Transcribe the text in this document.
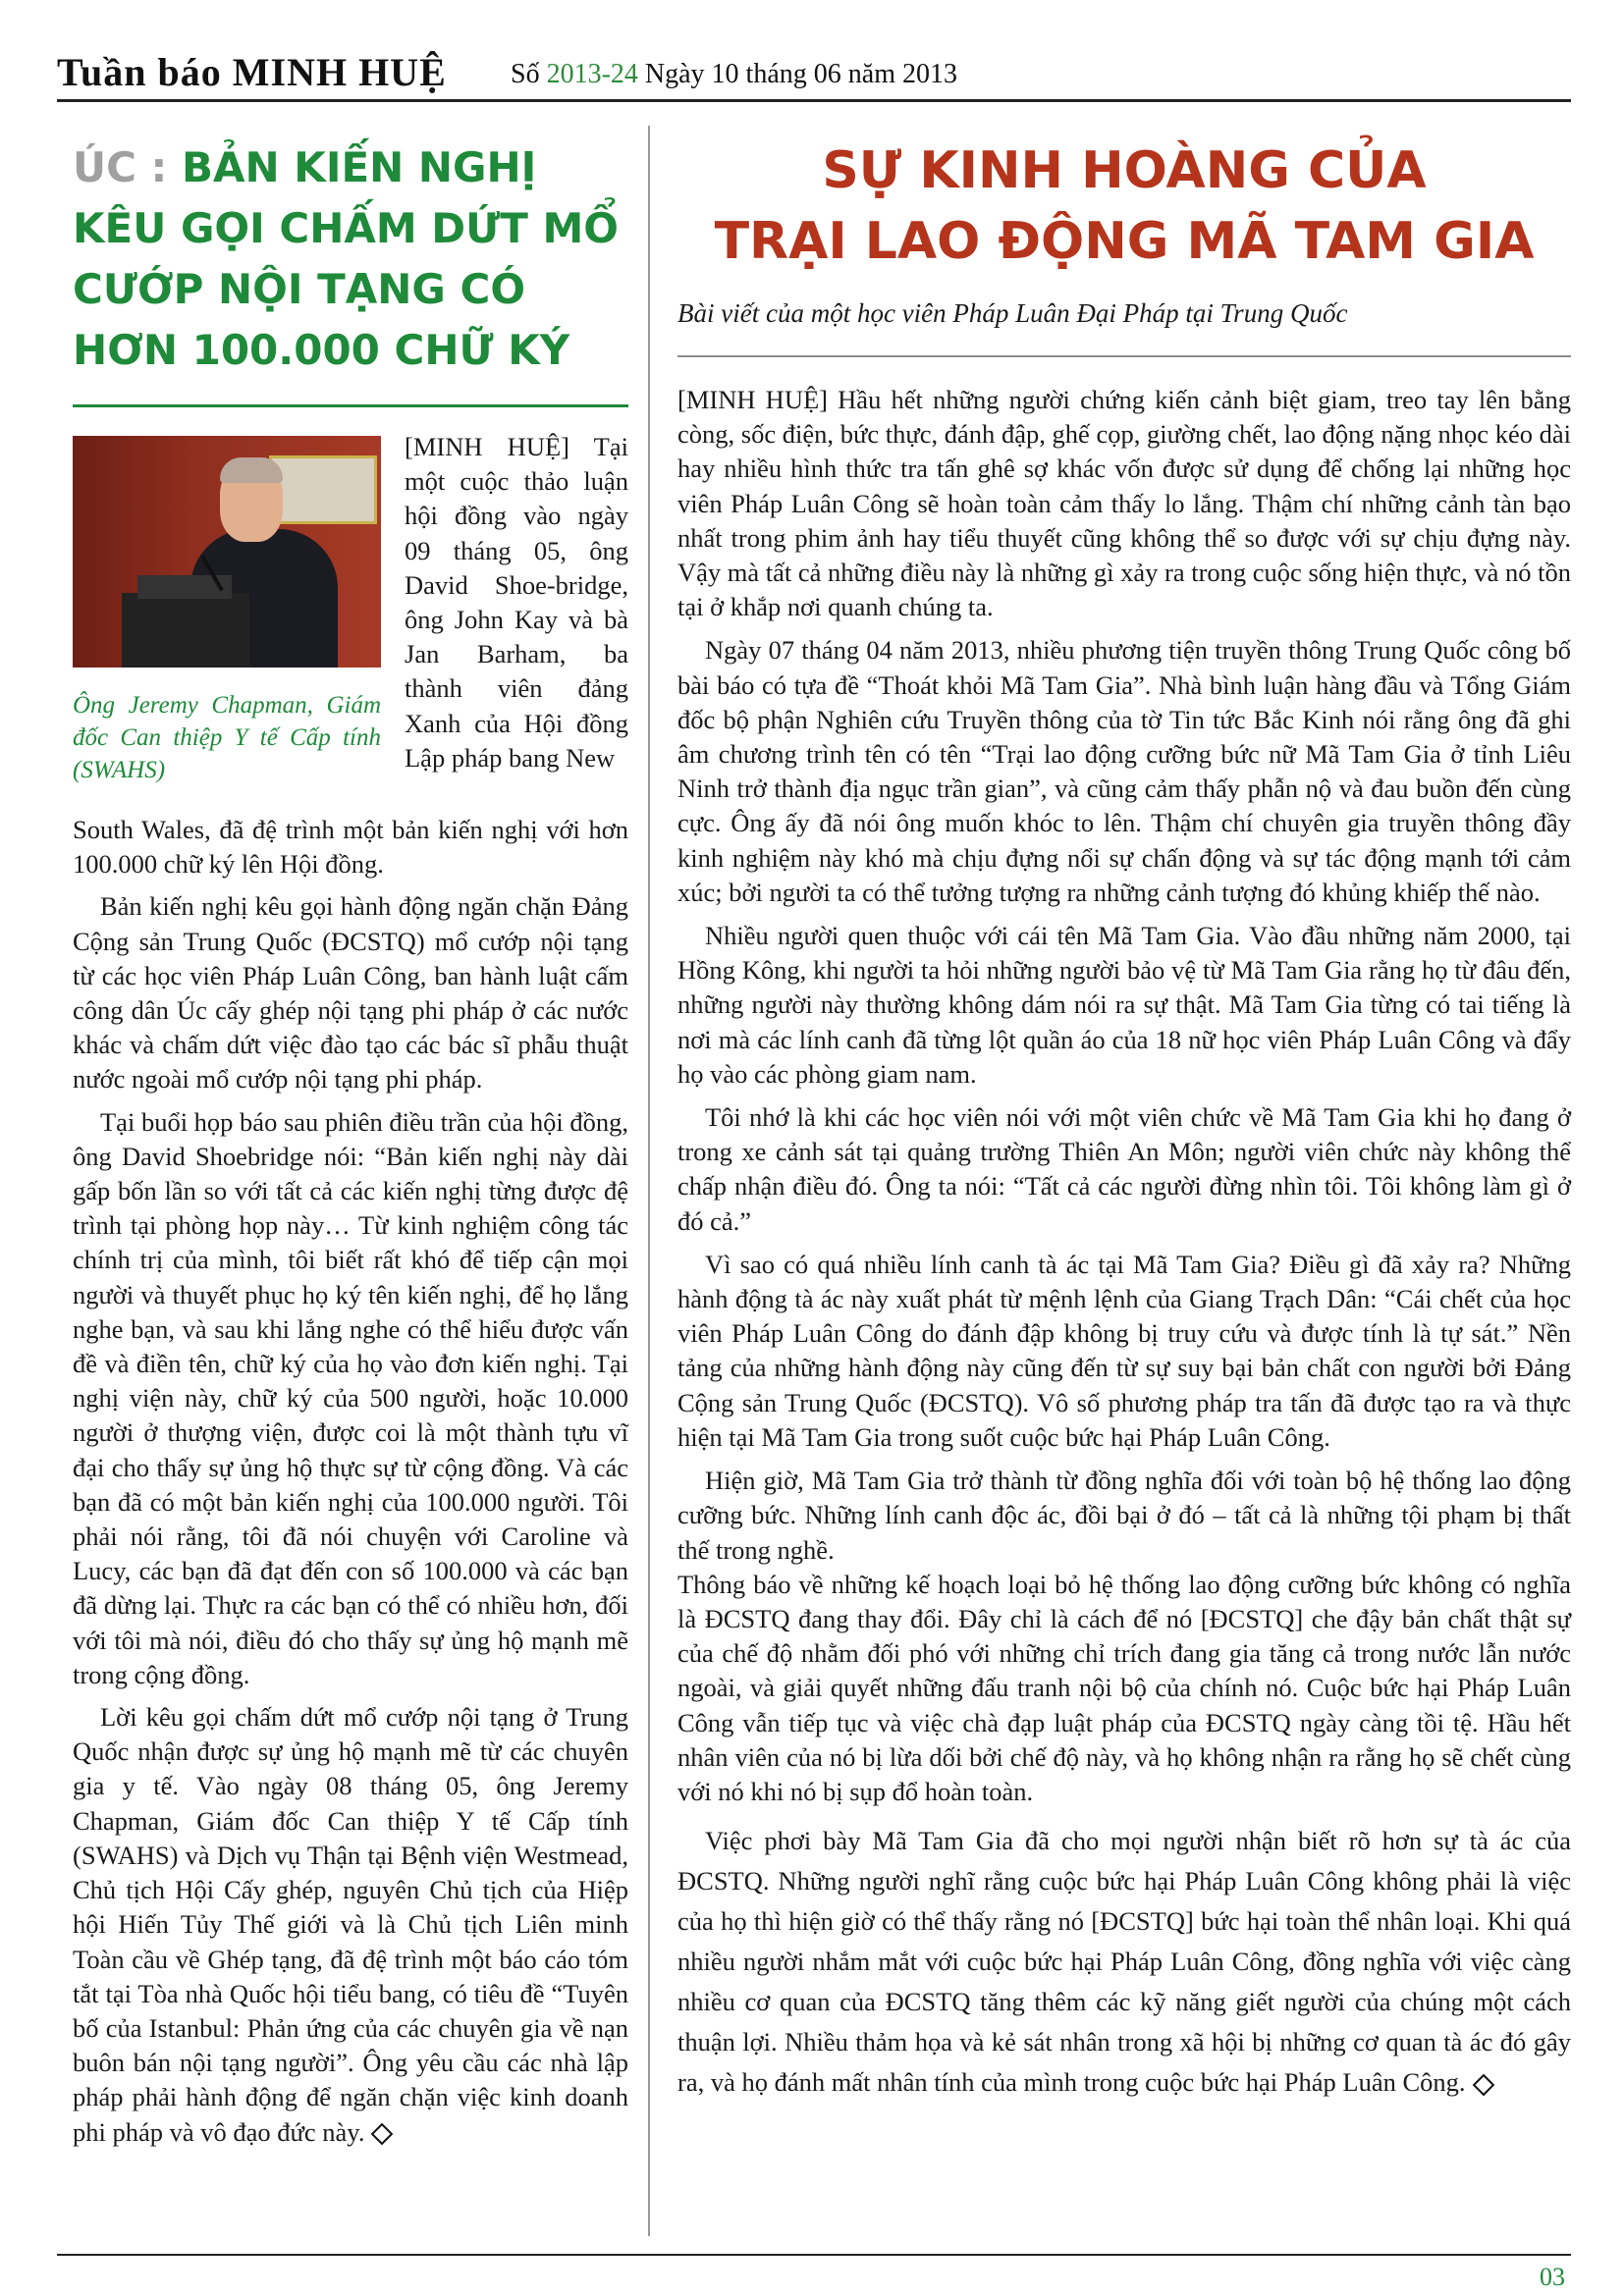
Tuần báo MINH HUỆ Số 2013-24 Ngày 10 tháng 06 năm 2013
ÚC : BẢN KIẾN NGHỊ KÊU GỌI CHẤM DỨT MỔ CƯỚP NỘI TẠNG CÓ HƠN 100.000 CHỮ KÝ
Ông Jeremy Chapman, Giám đốc Can thiệp Y tế Cấp tính (SWAHS)
[MINH HUỆ] Tại một cuộc thảo luận hội đồng vào ngày 09 tháng 05, ông David Shoe-bridge, ông John Kay và bà Jan Barham, ba thành viên đảng Xanh của Hội đồng Lập pháp bang New

South Wales, đã đệ trình một bản kiến nghị với hơn 100.000 chữ ký lên Hội đồng.

Bản kiến nghị kêu gọi hành động ngăn chặn Đảng Cộng sản Trung Quốc (ĐCSTQ) mổ cướp nội tạng từ các học viên Pháp Luân Công, ban hành luật cấm công dân Úc cấy ghép nội tạng phi pháp ở các nước khác và chấm dứt việc đào tạo các bác sĩ phẫu thuật nước ngoài mổ cướp nội tạng phi pháp.

Tại buổi họp báo sau phiên điều trần của hội đồng, ông David Shoebridge nói: “Bản kiến nghị này dài gấp bốn lần so với tất cả các kiến nghị từng được đệ trình tại phòng họp này… Từ kinh nghiệm công tác chính trị của mình, tôi biết rất khó để tiếp cận mọi người và thuyết phục họ ký tên kiến nghị, để họ lắng nghe bạn, và sau khi lắng nghe có thể hiểu được vấn đề và điền tên, chữ ký của họ vào đơn kiến nghị. Tại nghị viện này, chữ ký của 500 người, hoặc 10.000 người ở thượng viện, được coi là một thành tựu vĩ đại cho thấy sự ủng hộ thực sự từ cộng đồng. Và các bạn đã có một bản kiến nghị của 100.000 người. Tôi phải nói rằng, tôi đã nói chuyện với Caroline và Lucy, các bạn đã đạt đến con số 100.000 và các bạn đã dừng lại. Thực ra các bạn có thể có nhiều hơn, đối với tôi mà nói, điều đó cho thấy sự ủng hộ mạnh mẽ trong cộng đồng.

Lời kêu gọi chấm dứt mổ cướp nội tạng ở Trung Quốc nhận được sự ủng hộ mạnh mẽ từ các chuyên gia y tế. Vào ngày 08 tháng 05, ông Jeremy Chapman, Giám đốc Can thiệp Y tế Cấp tính (SWAHS) và Dịch vụ Thận tại Bệnh viện Westmead, Chủ tịch Hội Cấy ghép, nguyên Chủ tịch của Hiệp hội Hiến Tủy Thế giới và là Chủ tịch Liên minh Toàn cầu về Ghép tạng, đã đệ trình một báo cáo tóm tắt tại Tòa nhà Quốc hội tiểu bang, có tiêu đề “Tuyên bố của Istanbul: Phản ứng của các chuyên gia về nạn buôn bán nội tạng người”. Ông yêu cầu các nhà lập pháp phải hành động để ngăn chặn việc kinh doanh phi pháp và vô đạo đức này.

SỰ KINH HOÀNG CỦA
TRẠI LAO ĐỘNG MÃ TAM GIA
Bài viết của một học viên Pháp Luân Đại Pháp tại Trung Quốc

[MINH HUỆ] Hầu hết những người chứng kiến cảnh biệt giam, treo tay lên bằng còng, sốc điện, bức thực, đánh đập, ghế cọp, giường chết, lao động nặng nhọc kéo dài hay nhiều hình thức tra tấn ghê sợ khác vốn được sử dụng để chống lại những học viên Pháp Luân Công sẽ hoàn toàn cảm thấy lo lắng. Thậm chí những cảnh tàn bạo nhất trong phim ảnh hay tiểu thuyết cũng không thể so được với sự chịu đựng này. Vậy mà tất cả những điều này là những gì xảy ra trong cuộc sống hiện thực, và nó tồn tại ở khắp nơi quanh chúng ta.

Ngày 07 tháng 04 năm 2013, nhiều phương tiện truyền thông Trung Quốc công bố bài báo có tựa đề “Thoát khỏi Mã Tam Gia”. Nhà bình luận hàng đầu và Tổng Giám đốc bộ phận Nghiên cứu Truyền thông của tờ Tin tức Bắc Kinh nói rằng ông đã ghi âm chương trình tên có tên “Trại lao động cưỡng bức nữ Mã Tam Gia ở tỉnh Liêu Ninh trở thành địa ngục trần gian”, và cũng cảm thấy phẫn nộ và đau buồn đến cùng cực. Ông ấy đã nói ông muốn khóc to lên. Thậm chí chuyên gia truyền thông đầy kinh nghiệm này khó mà chịu đựng nổi sự chấn động và sự tác động mạnh tới cảm xúc; bởi người ta có thể tưởng tượng ra những cảnh tượng đó khủng khiếp thế nào.

Nhiều người quen thuộc với cái tên Mã Tam Gia. Vào đầu những năm 2000, tại Hồng Kông, khi người ta hỏi những người bảo vệ từ Mã Tam Gia rằng họ từ đâu đến, những người này thường không dám nói ra sự thật. Mã Tam Gia từng có tai tiếng là nơi mà các lính canh đã từng lột quần áo của 18 nữ học viên Pháp Luân Công và đẩy họ vào các phòng giam nam.

Tôi nhớ là khi các học viên nói với một viên chức về Mã Tam Gia khi họ đang ở trong xe cảnh sát tại quảng trường Thiên An Môn; người viên chức này không thể chấp nhận điều đó. Ông ta nói: “Tất cả các người đừng nhìn tôi. Tôi không làm gì ở đó cả.”

Vì sao có quá nhiều lính canh tà ác tại Mã Tam Gia? Điều gì đã xảy ra? Những hành động tà ác này xuất phát từ mệnh lệnh của Giang Trạch Dân: “Cái chết của học viên Pháp Luân Công do đánh đập không bị truy cứu và được tính là tự sát.” Nền tảng của những hành động này cũng đến từ sự suy bại bản chất con người bởi Đảng Cộng sản Trung Quốc (ĐCSTQ). Vô số phương pháp tra tấn đã được tạo ra và thực hiện tại Mã Tam Gia trong suốt cuộc bức hại Pháp Luân Công.

Hiện giờ, Mã Tam Gia trở thành từ đồng nghĩa đối với toàn bộ hệ thống lao động cưỡng bức. Những lính canh độc ác, đồi bại ở đó – tất cả là những tội phạm bị thất thế trong nghề.

Thông báo về những kế hoạch loại bỏ hệ thống lao động cưỡng bức không có nghĩa là ĐCSTQ đang thay đổi. Đây chỉ là cách để nó [ĐCSTQ] che đậy bản chất thật sự của chế độ nhằm đối phó với những chỉ trích đang gia tăng cả trong nước lẫn nước ngoài, và giải quyết những đấu tranh nội bộ của chính nó. Cuộc bức hại Pháp Luân Công vẫn tiếp tục và việc chà đạp luật pháp của ĐCSTQ ngày càng tồi tệ. Hầu hết nhân viên của nó bị lừa dối bởi chế độ này, và họ không nhận ra rằng họ sẽ chết cùng với nó khi nó bị sụp đổ hoàn toàn.

Việc phơi bày Mã Tam Gia đã cho mọi người nhận biết rõ hơn sự tà ác của ĐCSTQ. Những người nghĩ rằng cuộc bức hại Pháp Luân Công không phải là việc của họ thì hiện giờ có thể thấy rằng nó [ĐCSTQ] bức hại toàn thể nhân loại. Khi quá nhiều người nhắm mắt với cuộc bức hại Pháp Luân Công, đồng nghĩa với việc càng nhiều cơ quan của ĐCSTQ tăng thêm các kỹ năng giết người của chúng một cách thuận lợi. Nhiều thảm họa và kẻ sát nhân trong xã hội bị những cơ quan tà ác đó gây ra, và họ đánh mất nhân tính của mình trong cuộc bức hại Pháp Luân Công.

03
